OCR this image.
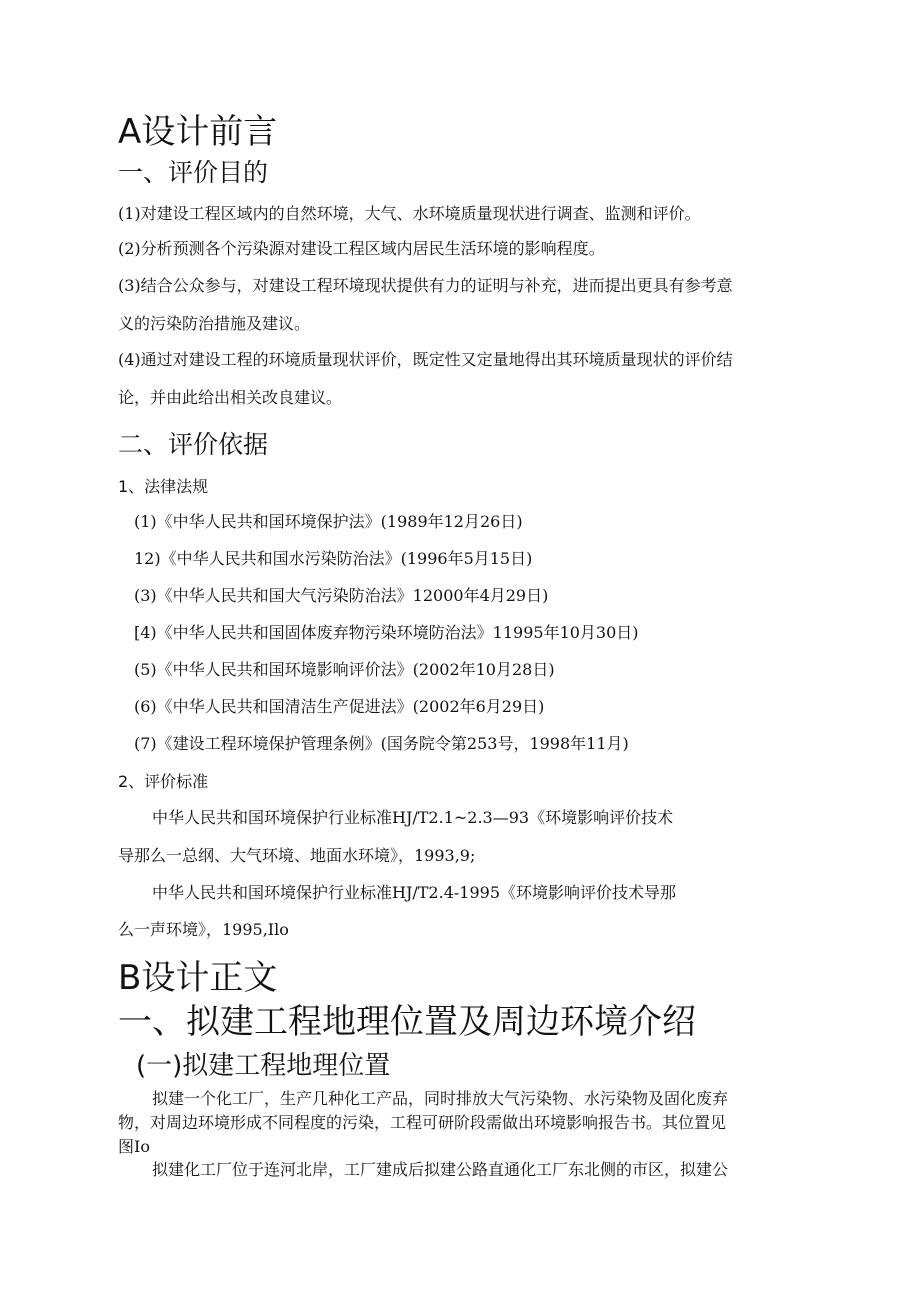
A设计前言
一、评价目的
(1)对建设工程区域内的自然环境，大气、水环境质量现状进行调查、监测和评价。
(2)分析预测各个污染源对建设工程区域内居民生活环境的影响程度。
(3)结合公众参与，对建设工程环境现状提供有力的证明与补充，进而提出更具有参考意
义的污染防治措施及建议。
(4)通过对建设工程的环境质量现状评价，既定性又定量地得出其环境质量现状的评价结
论，并由此给出相关改良建议。
二、评价依据
1、法律法规
(1)《中华人民共和国环境保护法》(1989年12月26日)
12)《中华人民共和国水污染防治法》(1996年5月15日)
(3)《中华人民共和国大气污染防治法》12000年4月29日)
[4)《中华人民共和国固体废弃物污染环境防治法》11995年10月30日)
(5)《中华人民共和国环境影响评价法》(2002年10月28日)
(6)《中华人民共和国清洁生产促进法》(2002年6月29日)
(7)《建设工程环境保护管理条例》(国务院令第253号，1998年11月)
2、评价标准
中华人民共和国环境保护行业标准HJ/T2.1~2.3—93《环境影响评价技术
导那么一总纲、大气环境、地面水环境》，1993,9;
中华人民共和国环境保护行业标准HJ/T2.4-1995《环境影响评价技术导那
么一声环境》，1995,Ilo
B设计正文
一、拟建工程地理位置及周边环境介绍
(一)拟建工程地理位置
拟建一个化工厂，生产几种化工产品，同时排放大气污染物、水污染物及固化废弃
物，对周边环境形成不同程度的污染，工程可研阶段需做出环境影响报告书。其位置见
图Io
拟建化工厂位于连河北岸，工厂建成后拟建公路直通化工厂东北侧的市区，拟建公
